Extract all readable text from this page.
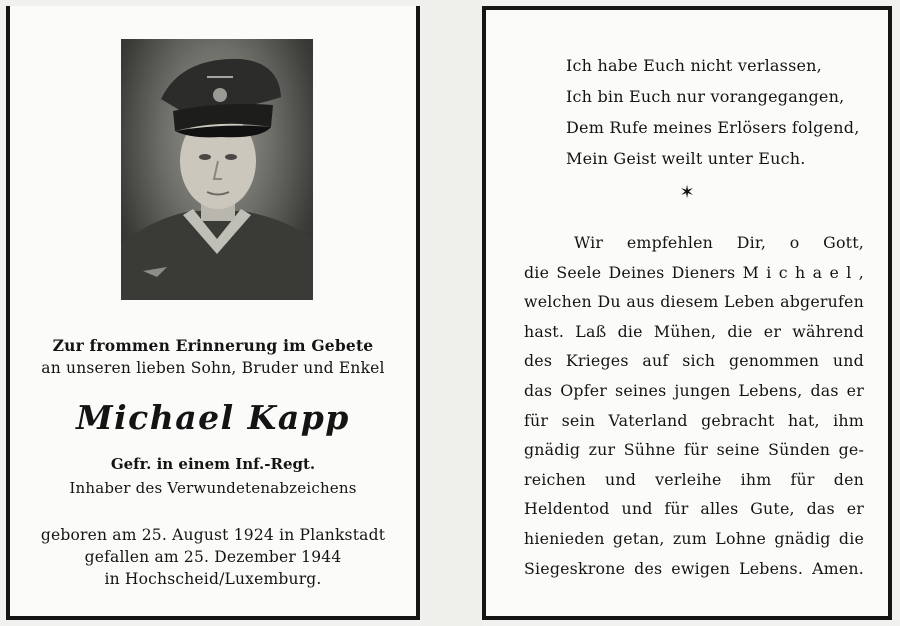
Zur frommen Erinnerung im Gebete
an unseren lieben Sohn, Bruder und Enkel
Michael Kapp
Gefr. in einem Inf.-Regt.
Inhaber des Verwundetenabzeichens
geboren am 25. August 1924 in Plankstadt
gefallen am 25. Dezember 1944
in Hochscheid/Luxemburg.
Ich habe Euch nicht verlassen,
Ich bin Euch nur vorangegangen,
Dem Rufe meines Erlösers folgend,
Mein Geist weilt unter Euch.
✶
Wir empfehlen Dir, o Gott,
die Seele Deines Dieners M i c h a e l ,
welchen Du aus diesem Leben abgerufen
hast. Laß die Mühen, die er während
des Krieges auf sich genommen und
das Opfer seines jungen Lebens, das er
für sein Vaterland gebracht hat, ihm
gnädig zur Sühne für seine Sünden ge-
reichen und verleihe ihm für den
Heldentod und für alles Gute, das er
hienieden getan, zum Lohne gnädig die
Siegeskrone des ewigen Lebens. Amen.
